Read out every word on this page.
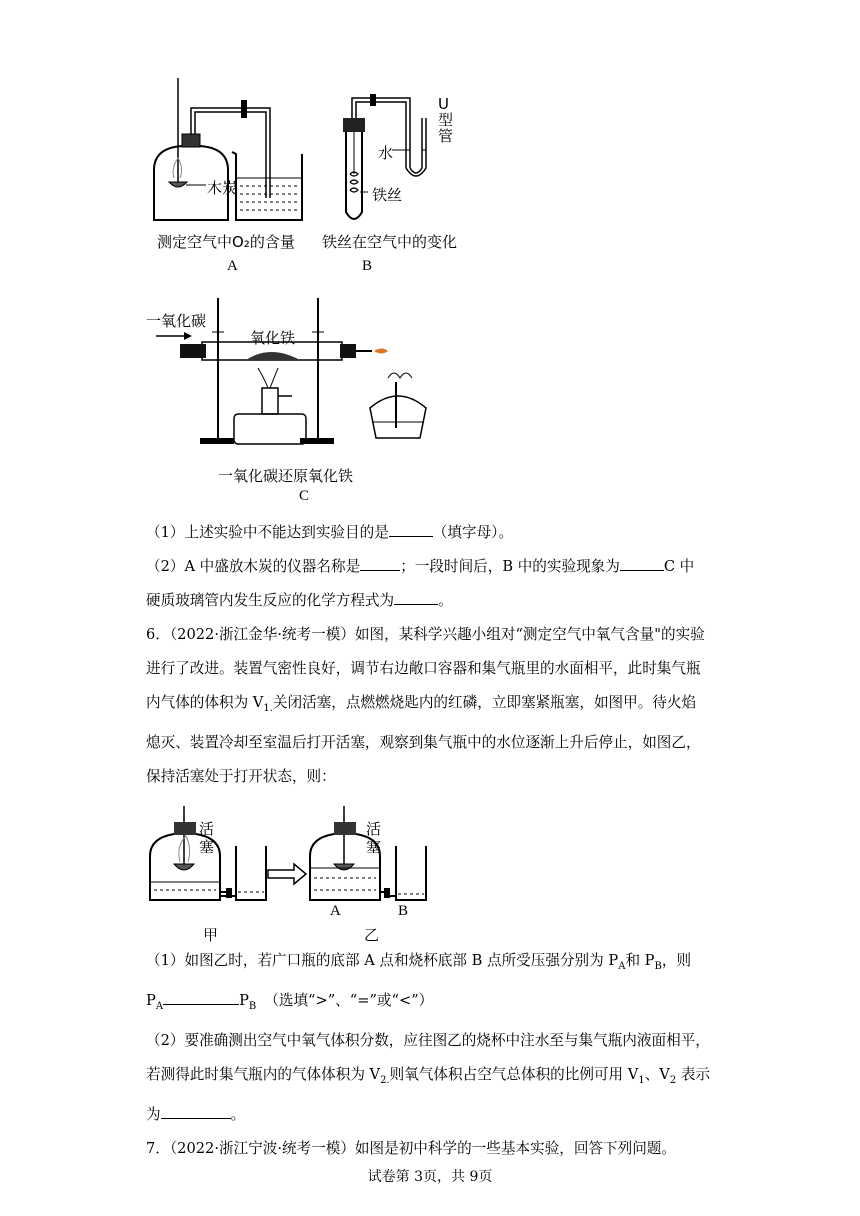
木炭
测定空气中O₂的含量
A
U型管
水
铁丝
铁丝在空气中的变化
B
一氧化碳
氧化铁
一氧化碳还原氧化铁
C
（1）上述实验中不能达到实验目的是	（填字母）。
（2）A 中盛放木炭的仪器名称是	；一段时间后，B 中的实验现象为	C 中
硬质玻璃管内发生反应的化学方程式为	。
6．（2022·浙江金华·统考一模）如图，某科学兴趣小组对“测定空气中氧气含量"的实验
进行了改进。装置气密性良好，调节右边敞口容器和集气瓶里的水面相平，此时集气瓶
内气体的体积为 $V_{1.}$关闭活塞，点燃燃烧匙内的红磷，立即塞紧瓶塞，如图甲。待火焰
熄灭、装置冷却至室温后打开活塞，观察到集气瓶中的水位逐渐上升后停止，如图乙，
保持活塞处于打开状态，则：
活塞
活塞
A	B
甲	乙
（1）如图乙时，若广口瓶的底部 A 点和烧杯底部 B 点所受压强分别为 $P_A$和 $P_B$，则
$P_A$	$P_B$ （选填“>”、“=”或“<”）
（2）要准确测出空气中氧气体积分数，应往图乙的烧杯中注水至与集气瓶内液面相平，
若测得此时集气瓶内的气体体积为 $V_{2.}$则氧气体积占空气总体积的比例可用 $V_1$、$V_2$ 表示
为	。
7．（2022·浙江宁波·统考一模）如图是初中科学的一些基本实验，回答下列问题。
试卷第 3页，共 9页
